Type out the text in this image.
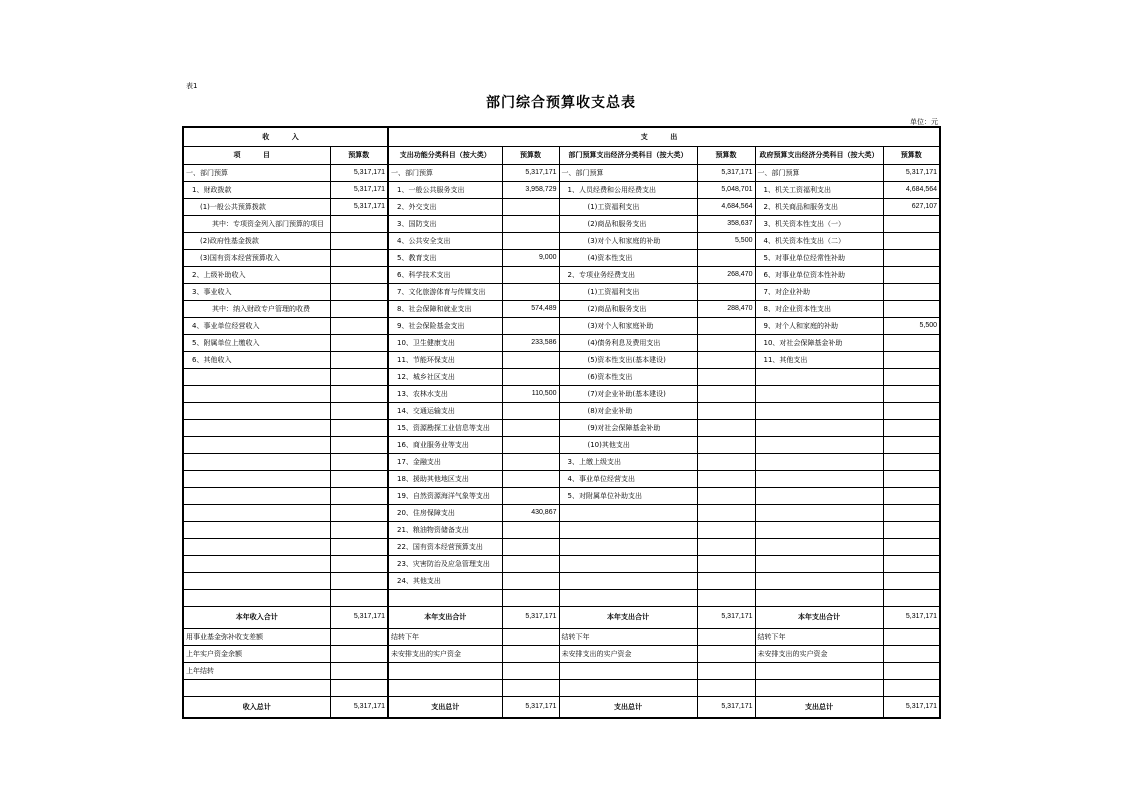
表1
部门综合预算收支总表
单位：元
收 入		支 出					
项 目	预算数	支出功能分类科目（按大类）	预算数	部门预算支出经济分类科目（按大类）	预算数	政府预算支出经济分类科目（按大类）	预算数
一、部门预算	5,317,171	一、部门预算	5,317,171	一、部门预算	5,317,171	一、部门预算	5,317,171
1、财政拨款	5,317,171	1、一般公共服务支出	3,958,729	1、人员经费和公用经费支出	5,048,701	1、机关工资福利支出	4,684,564
(1)一般公共预算拨款	5,317,171	2、外交支出		(1)工资福利支出	4,684,564	2、机关商品和服务支出	627,107
其中：专项资金列入部门预算的项目		3、国防支出		(2)商品和服务支出	358,637	3、机关资本性支出（一）	
(2)政府性基金拨款		4、公共安全支出		(3)对个人和家庭的补助	5,500	4、机关资本性支出（二）	
(3)国有资本经营预算收入		5、教育支出	9,000	(4)资本性支出		5、对事业单位经常性补助	
2、上级补助收入		6、科学技术支出		2、专项业务经费支出	268,470	6、对事业单位资本性补助	
3、事业收入		7、文化旅游体育与传媒支出		(1)工资福利支出		7、对企业补助	
其中：纳入财政专户管理的收费		8、社会保障和就业支出	574,489	(2)商品和服务支出	288,470	8、对企业资本性支出	
4、事业单位经营收入		9、社会保险基金支出		(3)对个人和家庭补助		9、对个人和家庭的补助	5,500
5、附属单位上缴收入		10、卫生健康支出	233,586	(4)债务利息及费用支出		10、对社会保障基金补助	
6、其他收入		11、节能环保支出		(5)资本性支出(基本建设)		11、其他支出	
		12、城乡社区支出		(6)资本性支出			
		13、农林水支出	110,500	(7)对企业补助(基本建设)			
		14、交通运输支出		(8)对企业补助			
		15、资源勘探工业信息等支出		(9)对社会保障基金补助			
		16、商业服务业等支出		(10)其他支出			
		17、金融支出		3、上缴上级支出			
		18、援助其他地区支出		4、事业单位经营支出			
		19、自然资源海洋气象等支出		5、对附属单位补助支出			
		20、住房保障支出	430,867				
		21、粮油物资储备支出					
		22、国有资本经营预算支出					
		23、灾害防治及应急管理支出					
		24、其他支出					

本年收入合计	5,317,171	本年支出合计	5,317,171	本年支出合计	5,317,171	本年支出合计	5,317,171
用事业基金弥补收支差额		结转下年		结转下年		结转下年	
上年实户资金余额		未安排支出的实户资金		未安排支出的实户资金		未安排支出的实户资金	
上年结转							

收入总计	5,317,171	支出总计	5,317,171	支出总计	5,317,171	支出总计	5,317,171
